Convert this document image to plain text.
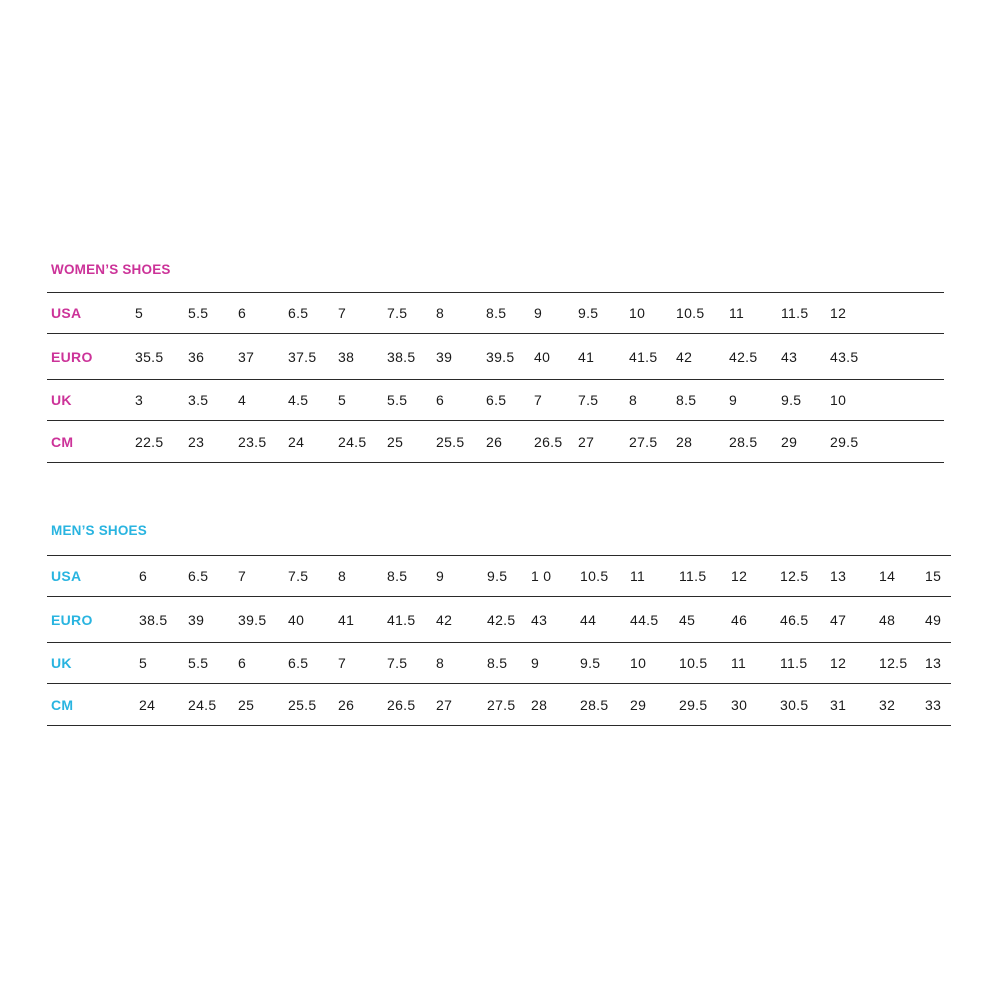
WOMEN’S SHOES
USA	5	5.5 6	6.5 7	7.5 8	8.5 9	9.5 10 10.5 11	11.5 12
EURO	35.5 36 37 37.5 38 38.5 39 39.5 40 41 41.5 42	42.5 43 43.5
UK	3	3.5 4	4.5 5	5.5 6	6.5 7	7.5 8	8.5 9	9.5 10
CM	22.5 23 23.5 24 24.5 25 25.5 26 26.5 27 27.5 28	28.5 29 29.5
MEN’S SHOES
USA	6	6.5 7	7.5 8	8.5 9	9.5 1 0 10.5 11 11.5 12 12.5 13 14 15
EURO	38.5 39 39.5 40 41 41.5 42 42.5 43 44 44.5 45	46 46.5 47 48 49
UK	5	5.5 6	6.5 7	7.5 8	8.5 9	9.5 10 10.5 11 11.5 12 12.5 13
CM	24 24.5 25 25.5 26 26.5 27 27.5 28 28.5 29 29.5 30 30.5 31 32 33
